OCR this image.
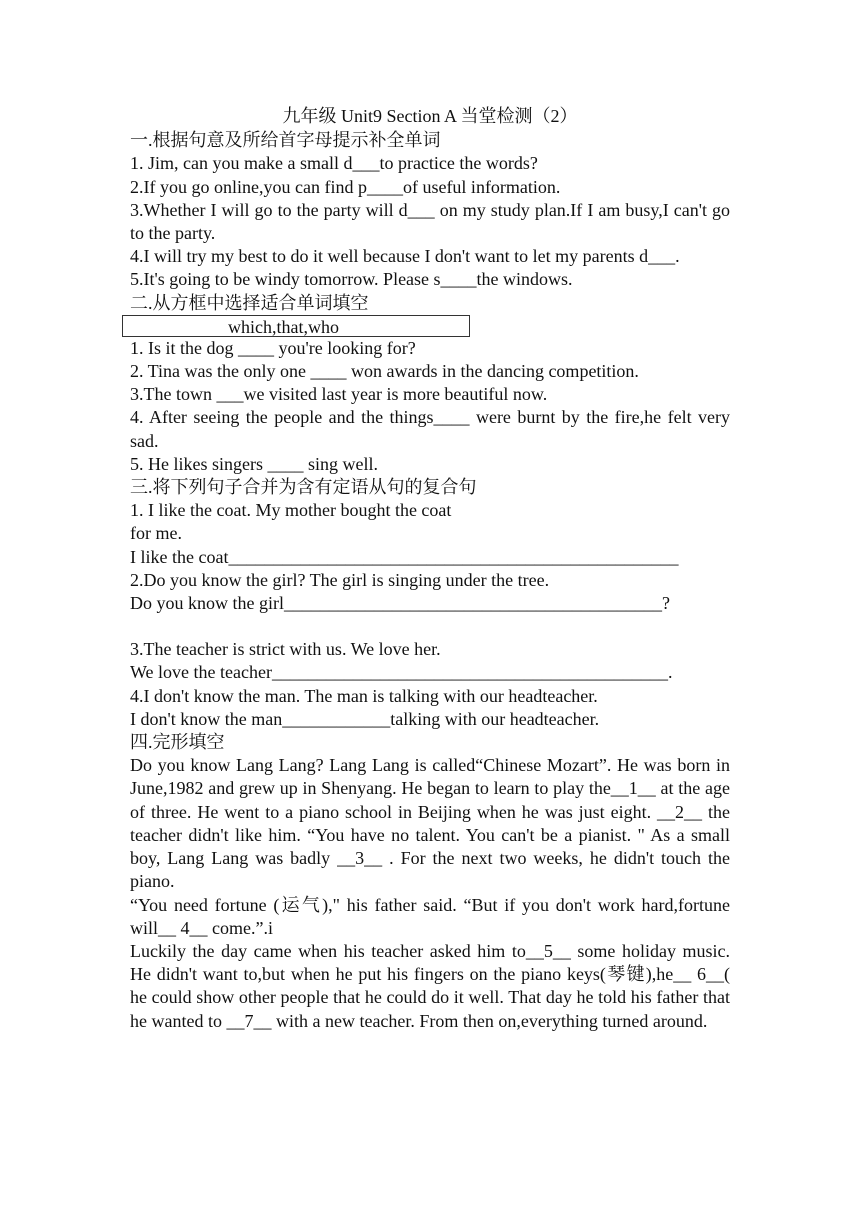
九年级 Unit9 Section A 当堂检测（2）
一.根据句意及所给首字母提示补全单词
1. Jim, can you make a small d___to practice the words?
2.If you go online,you can find p____of useful information.
3.Whether I will go to the party will d___ on my study plan.If I am busy,I can't go to the party.
4.I will try my best to do it well because I don't want to let my parents d___.
5.It's going to be windy tomorrow. Please s____the windows.
二.从方框中选择适合单词填空
which,that,who
1. Is it the dog ____ you're looking for?
2. Tina was the only one ____ won awards in the dancing competition.
3.The town ___we visited last year is more beautiful now.
4. After seeing the people and the things____ were burnt by the fire,he felt very sad.
5. He likes singers ____ sing well.
三.将下列句子合并为含有定语从句的复合句
1. I like the coat. My mother bought the coat
for me.
I like the coat__________________________________________________
2.Do you know the girl? The girl is singing under the tree.
Do you know the girl__________________________________________?
3.The teacher is strict with us. We love her.
We love the teacher____________________________________________.
4.I don't know the man. The man is talking with our headteacher.
I don't know the man____________talking with our headteacher.
四.完形填空
Do you know Lang Lang? Lang Lang is called“Chinese Mozart”. He was born in June,1982 and grew up in Shenyang. He began to learn to play the__1__ at the age of three. He went to a piano school in Beijing when he was just eight. __2__ the teacher didn't like him. “You have no talent. You can't be a pianist. " As a small boy, Lang Lang was badly __3__ . For the next two weeks, he didn't touch the piano.
“You need fortune (运气)," his father said. “But if you don't work hard,fortune will__ 4__ come.”.i
Luckily the day came when his teacher asked him to__5__ some holiday music. He didn't want to,but when he put his fingers on the piano keys(琴键),he__ 6__( he could show other people that he could do it well. That day he told his father that he wanted to __7__ with a new teacher. From then on,everything turned around.
